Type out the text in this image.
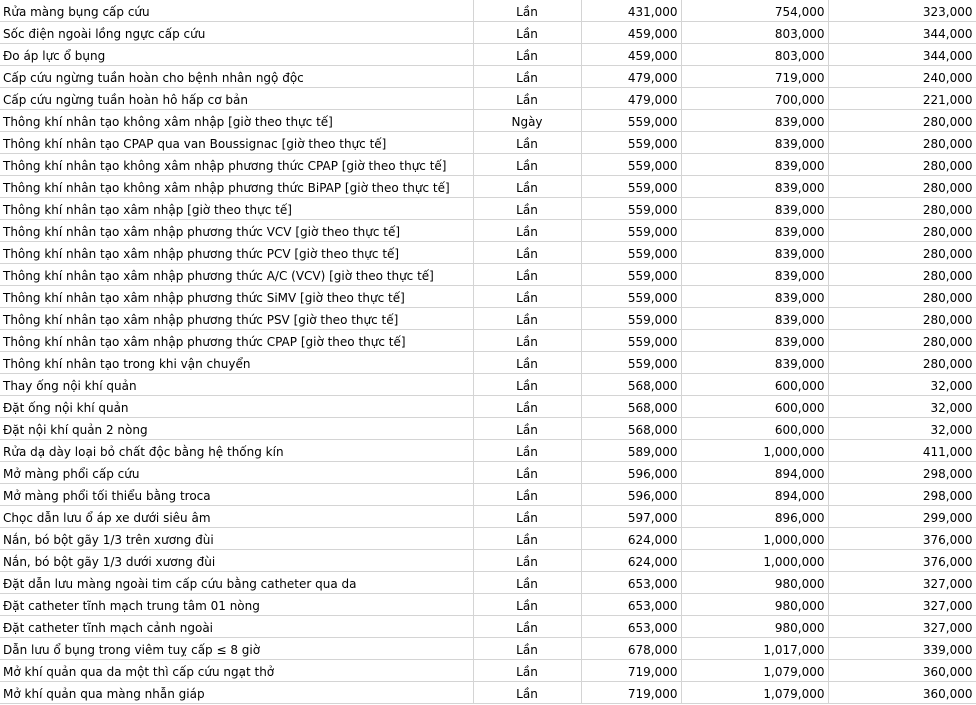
Rửa màng bụng cấp cứu	Lần	431,000	754,000	323,000
Sốc điện ngoài lồng ngực cấp cứu	Lần	459,000	803,000	344,000
Đo áp lực ổ bụng	Lần	459,000	803,000	344,000
Cấp cứu ngừng tuần hoàn cho bệnh nhân ngộ độc	Lần	479,000	719,000	240,000
Cấp cứu ngừng tuần hoàn hô hấp cơ bản	Lần	479,000	700,000	221,000
Thông khí nhân tạo không xâm nhập [giờ theo thực tế]	Ngày	559,000	839,000	280,000
Thông khí nhân tạo CPAP qua van Boussignac [giờ theo thực tế]	Lần	559,000	839,000	280,000
Thông khí nhân tạo không xâm nhập phương thức CPAP [giờ theo thực tế]	Lần	559,000	839,000	280,000
Thông khí nhân tạo không xâm nhập phương thức BiPAP [giờ theo thực tế]	Lần	559,000	839,000	280,000
Thông khí nhân tạo xâm nhập [giờ theo thực tế]	Lần	559,000	839,000	280,000
Thông khí nhân tạo xâm nhập phương thức VCV [giờ theo thực tế]	Lần	559,000	839,000	280,000
Thông khí nhân tạo xâm nhập phương thức PCV [giờ theo thực tế]	Lần	559,000	839,000	280,000
Thông khí nhân tạo xâm nhập phương thức A/C (VCV) [giờ theo thực tế]	Lần	559,000	839,000	280,000
Thông khí nhân tạo xâm nhập phương thức SiMV [giờ theo thực tế]	Lần	559,000	839,000	280,000
Thông khí nhân tạo xâm nhập phương thức PSV [giờ theo thực tế]	Lần	559,000	839,000	280,000
Thông khí nhân tạo xâm nhập phương thức CPAP [giờ theo thực tế]	Lần	559,000	839,000	280,000
Thông khí nhân tạo trong khi vận chuyển	Lần	559,000	839,000	280,000
Thay ống nội khí quản	Lần	568,000	600,000	32,000
Đặt ống nội khí quản	Lần	568,000	600,000	32,000
Đặt nội khí quản 2 nòng	Lần	568,000	600,000	32,000
Rửa dạ dày loại bỏ chất độc bằng hệ thống kín	Lần	589,000	1,000,000	411,000
Mở màng phổi cấp cứu	Lần	596,000	894,000	298,000
Mở màng phổi tối thiểu bằng troca	Lần	596,000	894,000	298,000
Chọc dẫn lưu ổ áp xe dưới siêu âm	Lần	597,000	896,000	299,000
Nắn, bó bột gãy 1/3 trên xương đùi	Lần	624,000	1,000,000	376,000
Nắn, bó bột gãy 1/3 dưới xương đùi	Lần	624,000	1,000,000	376,000
Đặt dẫn lưu màng ngoài tim cấp cứu bằng catheter qua da	Lần	653,000	980,000	327,000
Đặt catheter tĩnh mạch trung tâm 01 nòng	Lần	653,000	980,000	327,000
Đặt catheter tĩnh mạch cảnh ngoài	Lần	653,000	980,000	327,000
Dẫn lưu ổ bụng trong viêm tuỵ cấp ≤ 8 giờ	Lần	678,000	1,017,000	339,000
Mở khí quản qua da một thì cấp cứu ngạt thở	Lần	719,000	1,079,000	360,000
Mở khí quản qua màng nhẫn giáp	Lần	719,000	1,079,000	360,000
